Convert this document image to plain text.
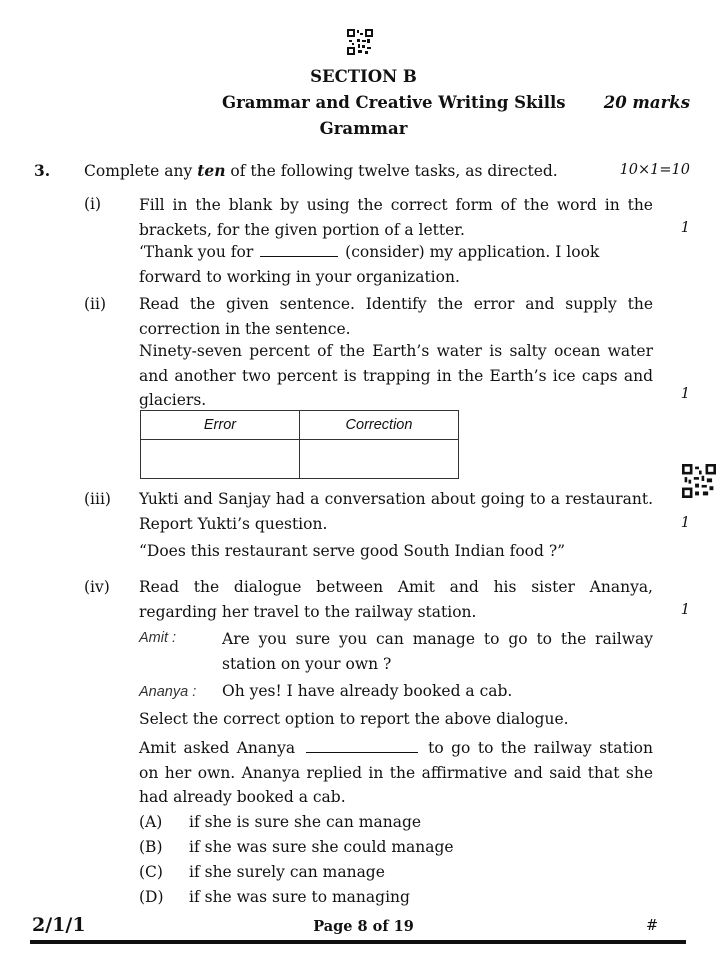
SECTION B
Grammar and Creative Writing Skills 20 marks
Grammar
3. Complete any ten of the following twelve tasks, as directed.	10×1=10
(i) Fill in the blank by using the correct form of the word in the brackets, for the given portion of a letter.	1
‘Thank you for	(consider) my application. I look forward to working in your organization.
(ii) Read the given sentence. Identify the error and supply the correction in the sentence.
Ninety-seven percent of the Earth’s water is salty ocean water and another two percent is trapping in the Earth’s ice caps and glaciers.	1
Error	Correction

(iii) Yukti and Sanjay had a conversation about going to a restaurant. Report Yukti’s question.	1
“Does this restaurant serve good South Indian food ?”
(iv) Read the dialogue between Amit and his sister Ananya, regarding her travel to the railway station.	1
Amit :	Are you sure you can manage to go to the railway station on your own ?
Ananya : Oh yes! I have already booked a cab.
Select the correct option to report the above dialogue.
Amit asked Ananya	to go to the railway station on her own. Ananya replied in the affirmative and said that she had already booked a cab.
(A) if she is sure she can manage
(B) if she was sure she could manage
(C) if she surely can manage
(D) if she was sure to managing
2/1/1	Page 8 of 19	#
